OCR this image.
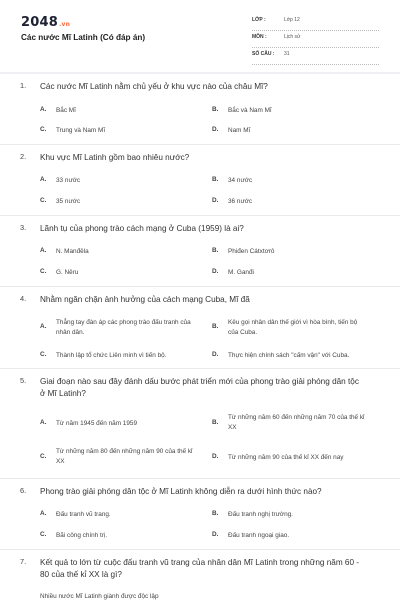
2048.vn
Các nước Mĩ Latinh (Có đáp án)
LỚP :	Lớp 12
MÔN :	Lịch sử
SỐ CÂU : 31
1. Các nước Mĩ Latinh nằm chủ yếu ở khu vực nào của châu Mĩ?
A. Bắc Mĩ	B. Bắc và Nam Mĩ
C. Trung và Nam Mĩ	D. Nam Mĩ
2. Khu vực Mĩ Latinh gồm bao nhiêu nước?
A. 33 nước	B. 34 nước
C. 35 nước	D. 36 nước
3. Lãnh tụ của phong trào cách mạng ở Cuba (1959) là ai?
A. N. Manđêla	B. Phiđen Cátxtơrô
C. G. Nêru	D. M. Ganđi
4. Nhằm ngăn chặn ảnh hưởng của cách mạng Cuba, Mĩ đã
A.
Thẳng tay đàn áp các phong trào đấu tranh của nhân dân.
B.
Kêu gọi nhân dân thế giới vì hòa bình, tiến bộ của Cuba.
C. Thành lập tổ chức Liên minh vì tiến bộ.	D. Thực hiện chính sách "cấm vận" với Cuba.
5. Giai đoạn nào sau đây đánh dấu bước phát triển mới của phong trào giải phóng dân tộc ở Mĩ Latinh?
A. Từ năm 1945 đến năm 1959	B.
Từ những năm 60 đến những năm 70 của thế kỉ XX
C.
Từ những năm 80 đến những năm 90 của thế kỉ XX
D. Từ những năm 90 của thế kỉ XX đến nay
6. Phong trào giải phóng dân tộc ở Mĩ Latinh không diễn ra dưới hình thức nào?
A. Đấu tranh vũ trang.	B. Đấu tranh nghị trường.
C. Bãi công chính trị.	D. Đấu tranh ngoại giao.
7. Kết quả to lớn từ cuộc đấu tranh vũ trang của nhân dân Mĩ Latinh trong những năm 60 - 80 của thế kỉ XX là gì?
Nhiều nước Mĩ Latinh giành được độc lập
